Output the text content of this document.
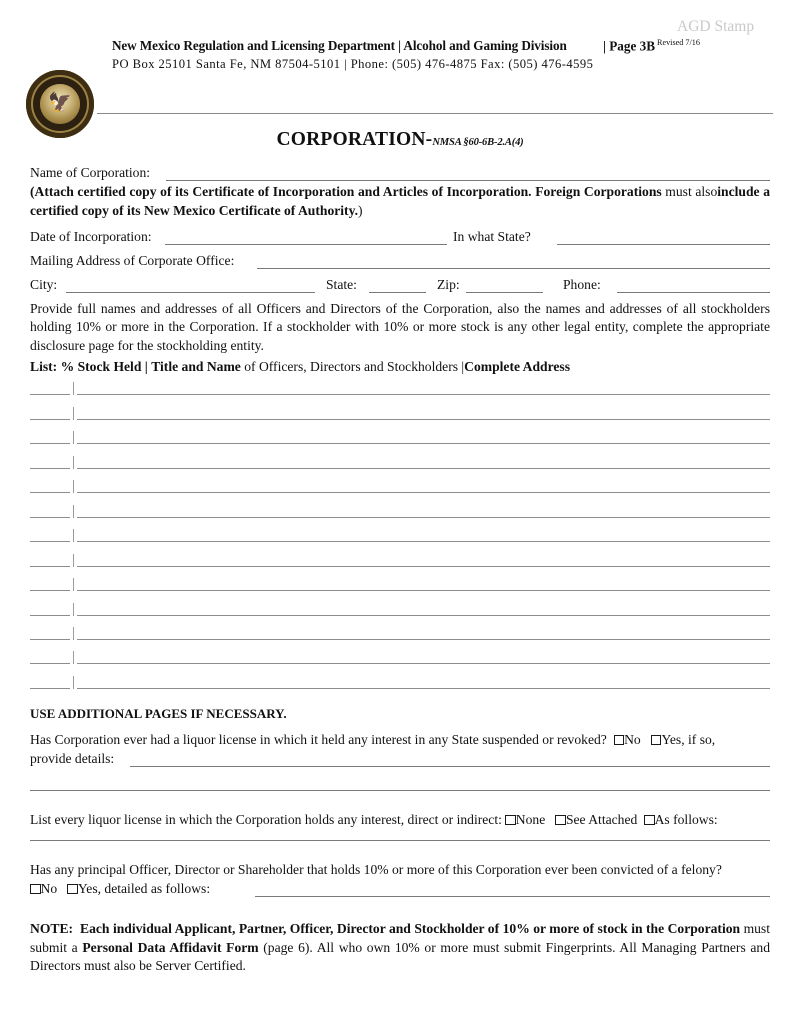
🦅
AGD Stamp
New Mexico Regulation and Licensing Department | Alcohol and Gaming Division	| Page 3B $^{Revised 7/16}$
PO Box 25101 Santa Fe, NM 87504-5101 | Phone: (505) 476-4875 Fax: (505) 476-4595
CORPORATION-NMSA §60-6B-2.A(4)
Name of Corporation:
(Attach certified copy of its Certificate of Incorporation and Articles of Incorporation. Foreign Corporations must alsoinclude a certified copy of its New Mexico Certificate of Authority.)
Date of Incorporation:	In what State?
Mailing Address of Corporate Office:
City:	State:	Zip:	Phone:
Provide full names and addresses of all Officers and Directors of the Corporation, also the names and addresses of all stockholders holding 10% or more in the Corporation. If a stockholder with 10% or more stock is any other legal entity, complete the appropriate disclosure page for the stockholding entity.
List: % Stock Held | Title and Name of Officers, Directors and Stockholders |Complete Address
USE ADDITIONAL PAGES IF NECESSARY.
Has Corporation ever had a liquor license in which it held any interest in any State suspended or revoked? No Yes, if so,
provide details:
List every liquor license in which the Corporation holds any interest, direct or indirect: None See Attached As follows:
Has any principal Officer, Director or Shareholder that holds 10% or more of this Corporation ever been convicted of a felony?
No Yes, detailed as follows:
NOTE: Each individual Applicant, Partner, Officer, Director and Stockholder of 10% or more of stock in the Corporation must submit a Personal Data Affidavit Form (page 6). All who own 10% or more must submit Fingerprints. All Managing Partners and Directors must also be Server Certified.
